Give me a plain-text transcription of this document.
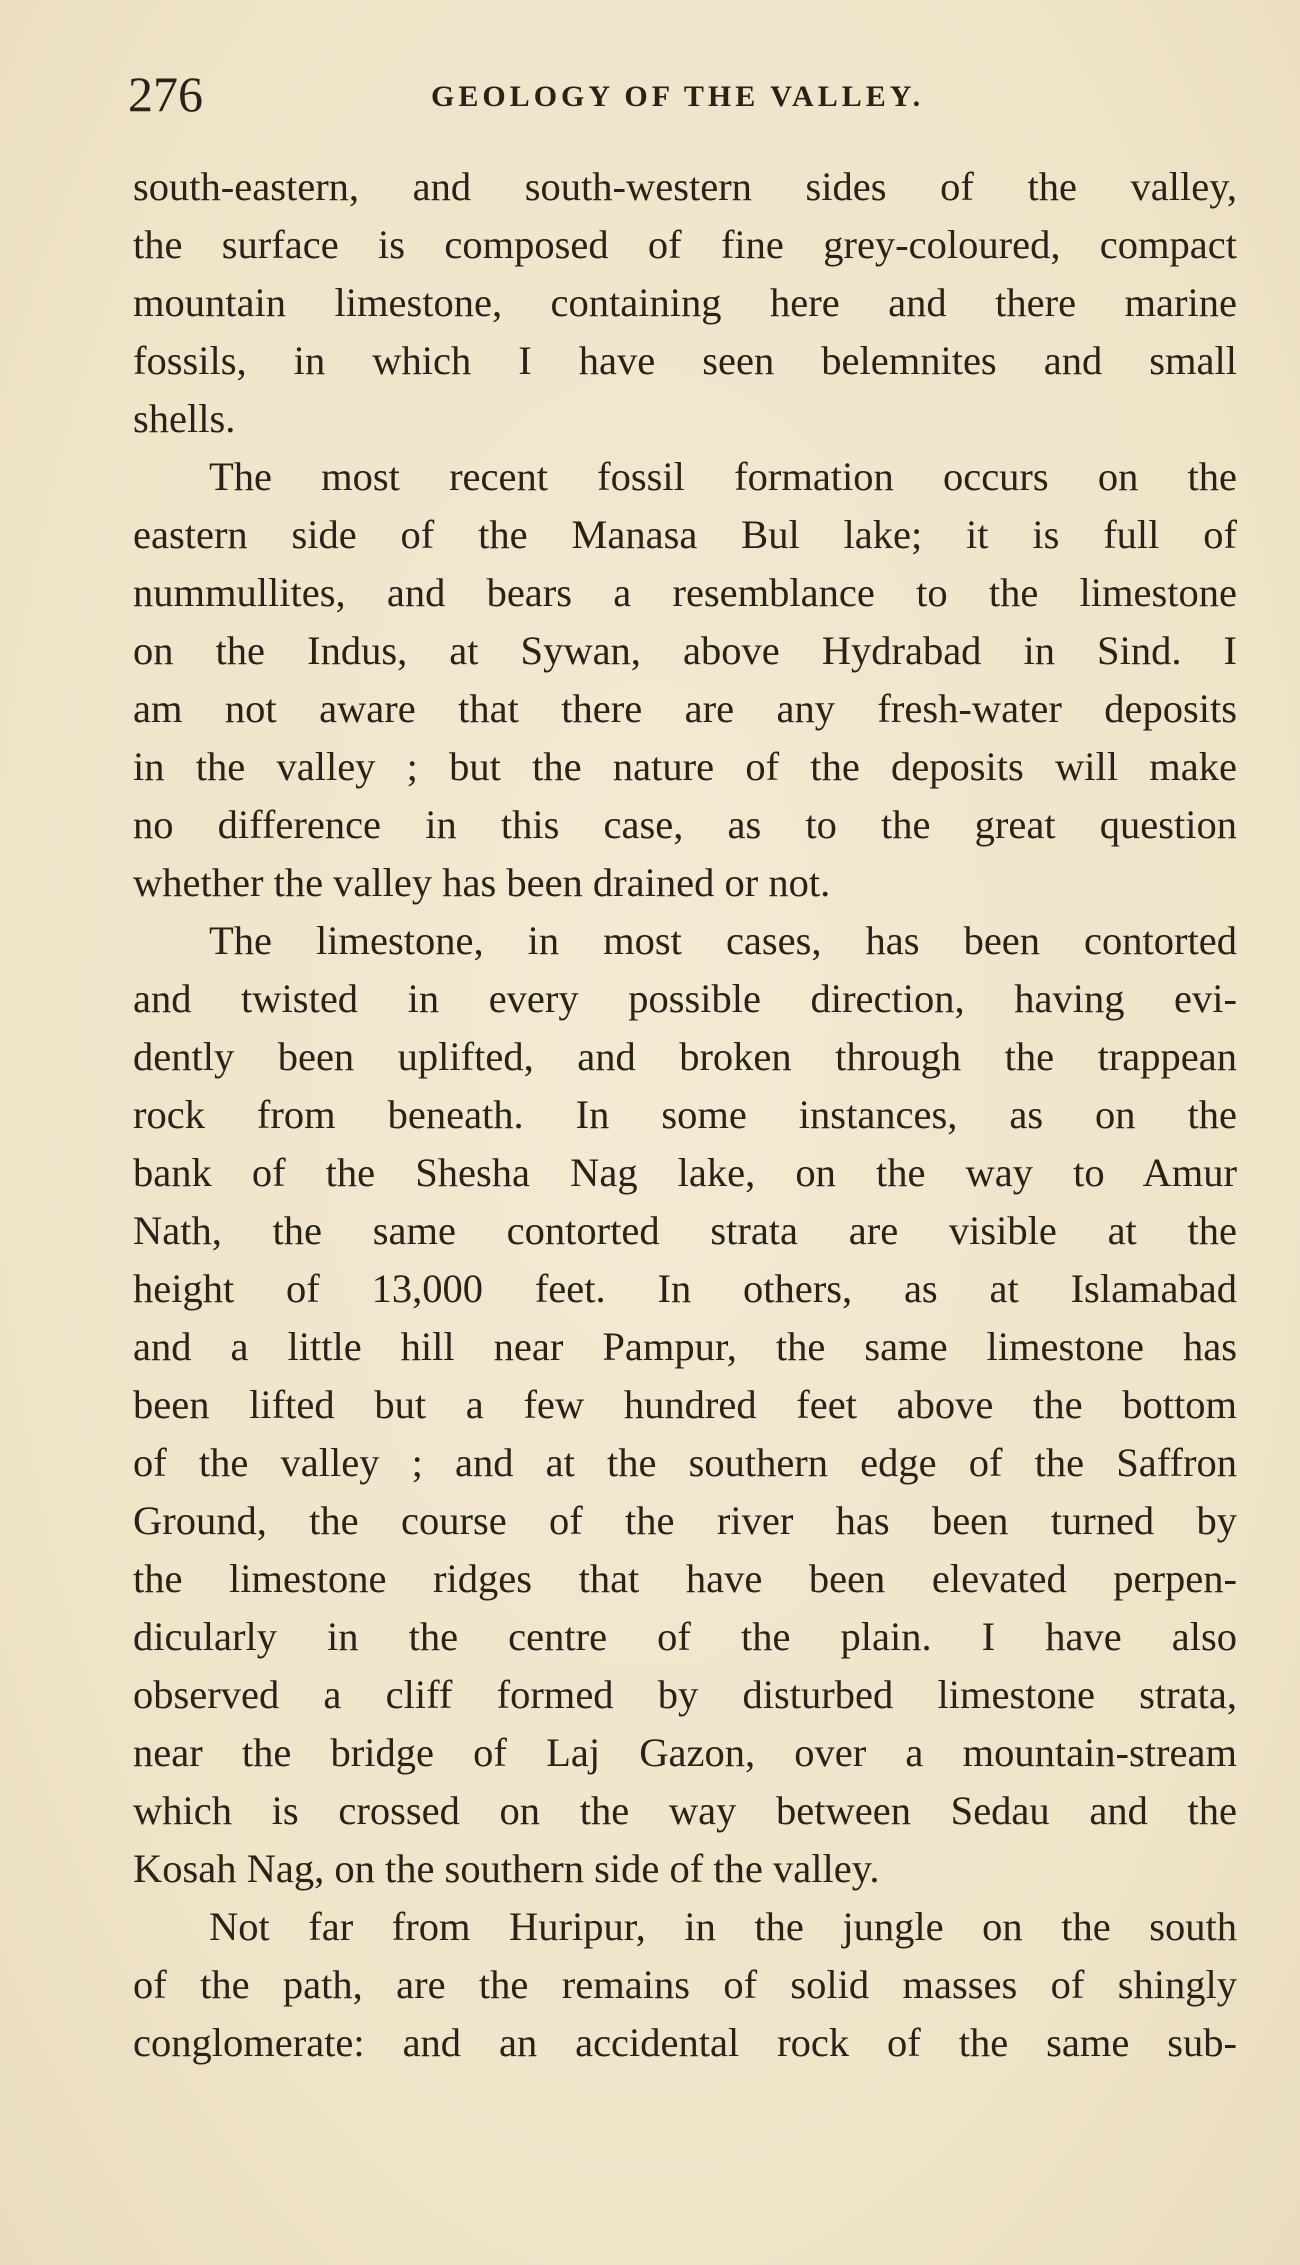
276	GEOLOGY OF THE VALLEY.
south-eastern, and south-western sides of the valley,
the surface is composed of fine grey-coloured, compact
mountain limestone, containing here and there marine
fossils, in which I have seen belemnites and small
shells.
The most recent fossil formation occurs on the
eastern side of the Manasa Bul lake; it is full of
nummullites, and bears a resemblance to the limestone
on the Indus, at Sywan, above Hydrabad in Sind. I
am not aware that there are any fresh-water deposits
in the valley ; but the nature of the deposits will make
no difference in this case, as to the great question
whether the valley has been drained or not.
The limestone, in most cases, has been contorted
and twisted in every possible direction, having evi-
dently been uplifted, and broken through the trappean
rock from beneath. In some instances, as on the
bank of the Shesha Nag lake, on the way to Amur
Nath, the same contorted strata are visible at the
height of 13,000 feet. In others, as at Islamabad
and a little hill near Pampur, the same limestone has
been lifted but a few hundred feet above the bottom
of the valley ; and at the southern edge of the Saffron
Ground, the course of the river has been turned by
the limestone ridges that have been elevated perpen-
dicularly in the centre of the plain. I have also
observed a cliff formed by disturbed limestone strata,
near the bridge of Laj Gazon, over a mountain-stream
which is crossed on the way between Sedau and the
Kosah Nag, on the southern side of the valley.
Not far from Huripur, in the jungle on the south
of the path, are the remains of solid masses of shingly
conglomerate: and an accidental rock of the same sub-
